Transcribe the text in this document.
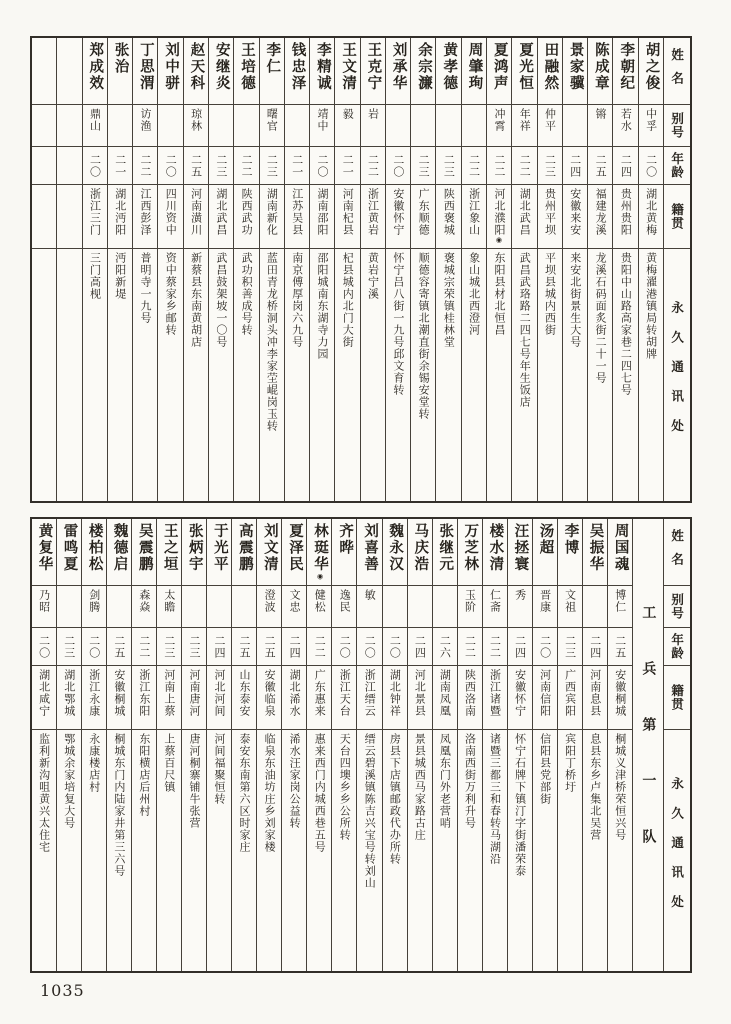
姓名
别号
年龄
籍贯
永久通讯处
胡之俊
中孚
二〇
湖北黄梅
黄梅濯港镇局转胡牌
李朝纪
若水
二四
贵州贵阳
贵阳中山路高家巷二四七号
陈成章
锵
二五
福建龙溪
龙溪石码面炙街二十一号
景家骥
二四
安徽来安
来安北街景生大号
田融然
仲平
二三
贵州平坝
平坝县城内西街
夏光恒
年祥
二二
湖北武昌
武昌武珞路二四七号年生饭店
夏鸿声
冲霄
二二
河北濮阳◉
东阳县材北恒昌
周肇珣
二二
浙江象山
象山城北西澄河
黄孝德
二三
陕西褒城
褒城宗荣镇桂林堂
余宗濂
二三
广东顺德
顺德容寄镇北潮直街余锡安堂转
刘承华
二〇
安徽怀宁
怀宁吕八街一九号邱文育转
王克宁
岩
二二
浙江黄岩
黄岩宁溪
王文清
毅
二一
河南杞县
杞县城内北门大街
李精诚
靖中
二〇
湖南邵阳
邵阳城南东湖寺力园
钱忠泽
二一
江苏吴县
南京傅厚岗六九号
李仁
曙官
二三
湖南新化
蓝田青龙桥洞头冲李家茔崐岗玉转
王培德
二二
陕西武功
武功积善成号转
安继炎
二三
湖北武昌
武昌鼓架坡一〇号
赵天科
琼林
二五
河南潢川
新蔡县东南黄胡店
刘中骈
二〇
四川资中
资中蔡家乡邮转
丁思渭
访渔
二二
江西彭泽
普明寺一九号
张治
二一
湖北沔阳
沔阳新堤
郑成效
鼎山
二〇
浙江三门
三门高枧
姓名
别号
年龄
籍贯
永久通讯处
工兵第一队
周国魂
博仁
二五
安徽桐城
桐城义津桥荣恒兴号
吴振华
二四
河南息县
息县东乡卢集北吴营
李博
文祖
二三
广西宾阳
宾阳丁桥圩
汤超
晋康
二〇
河南信阳
信阳县党部街
汪拯寰
秀
二四
安徽怀宁
怀宁石牌下镇汀字街潘荣泰
楼水清
仁斋
二二
浙江诸暨
诸暨三都三和春转马湖沿
万芝林
玉阶
二二
陕西洛南
洛南西街万利升号
张继元
二六
湖南凤凰
凤凰东门外老营哨
马庆浩
二四
河北景县
景县城西马家路古庄
魏永汉
二〇
湖北钟祥
房县下店镇邮政代办所转
刘喜善
敏
二〇
浙江缙云
缙云碧溪镇陈吉兴宝号转刘山
齐晔
逸民
二〇
浙江天台
天台四墺乡乡公所转
林珽华◉
健松
二二
广东惠来
惠来西门内城西巷五号
夏泽民
文忠
二四
湖北浠水
浠水汪家岗公益转
刘文清
澄波
二五
安徽临泉
临泉东油坊庄乡刘家楼
高震鹏
二五
山东泰安
泰安东南第六区时家庄
于光平
二四
河北河间
河间福聚恒转
张炳宇
二三
河南唐河
唐河桐寨铺牛张营
王之垣
太瞻
二三
河南上蔡
上蔡百尺镇
吴震鹏
森焱
二二
浙江东阳
东阳横店后州村
魏德启
二五
安徽桐城
桐城东门内陆家井第三六号
楼柏松
剑腾
二〇
浙江永康
永康楼店村
雷鸣夏
二三
湖北鄂城
鄂城余家培复大号
黄复华
乃昭
二〇
湖北咸宁
监利新沟咀黄兴太住宅
1035
